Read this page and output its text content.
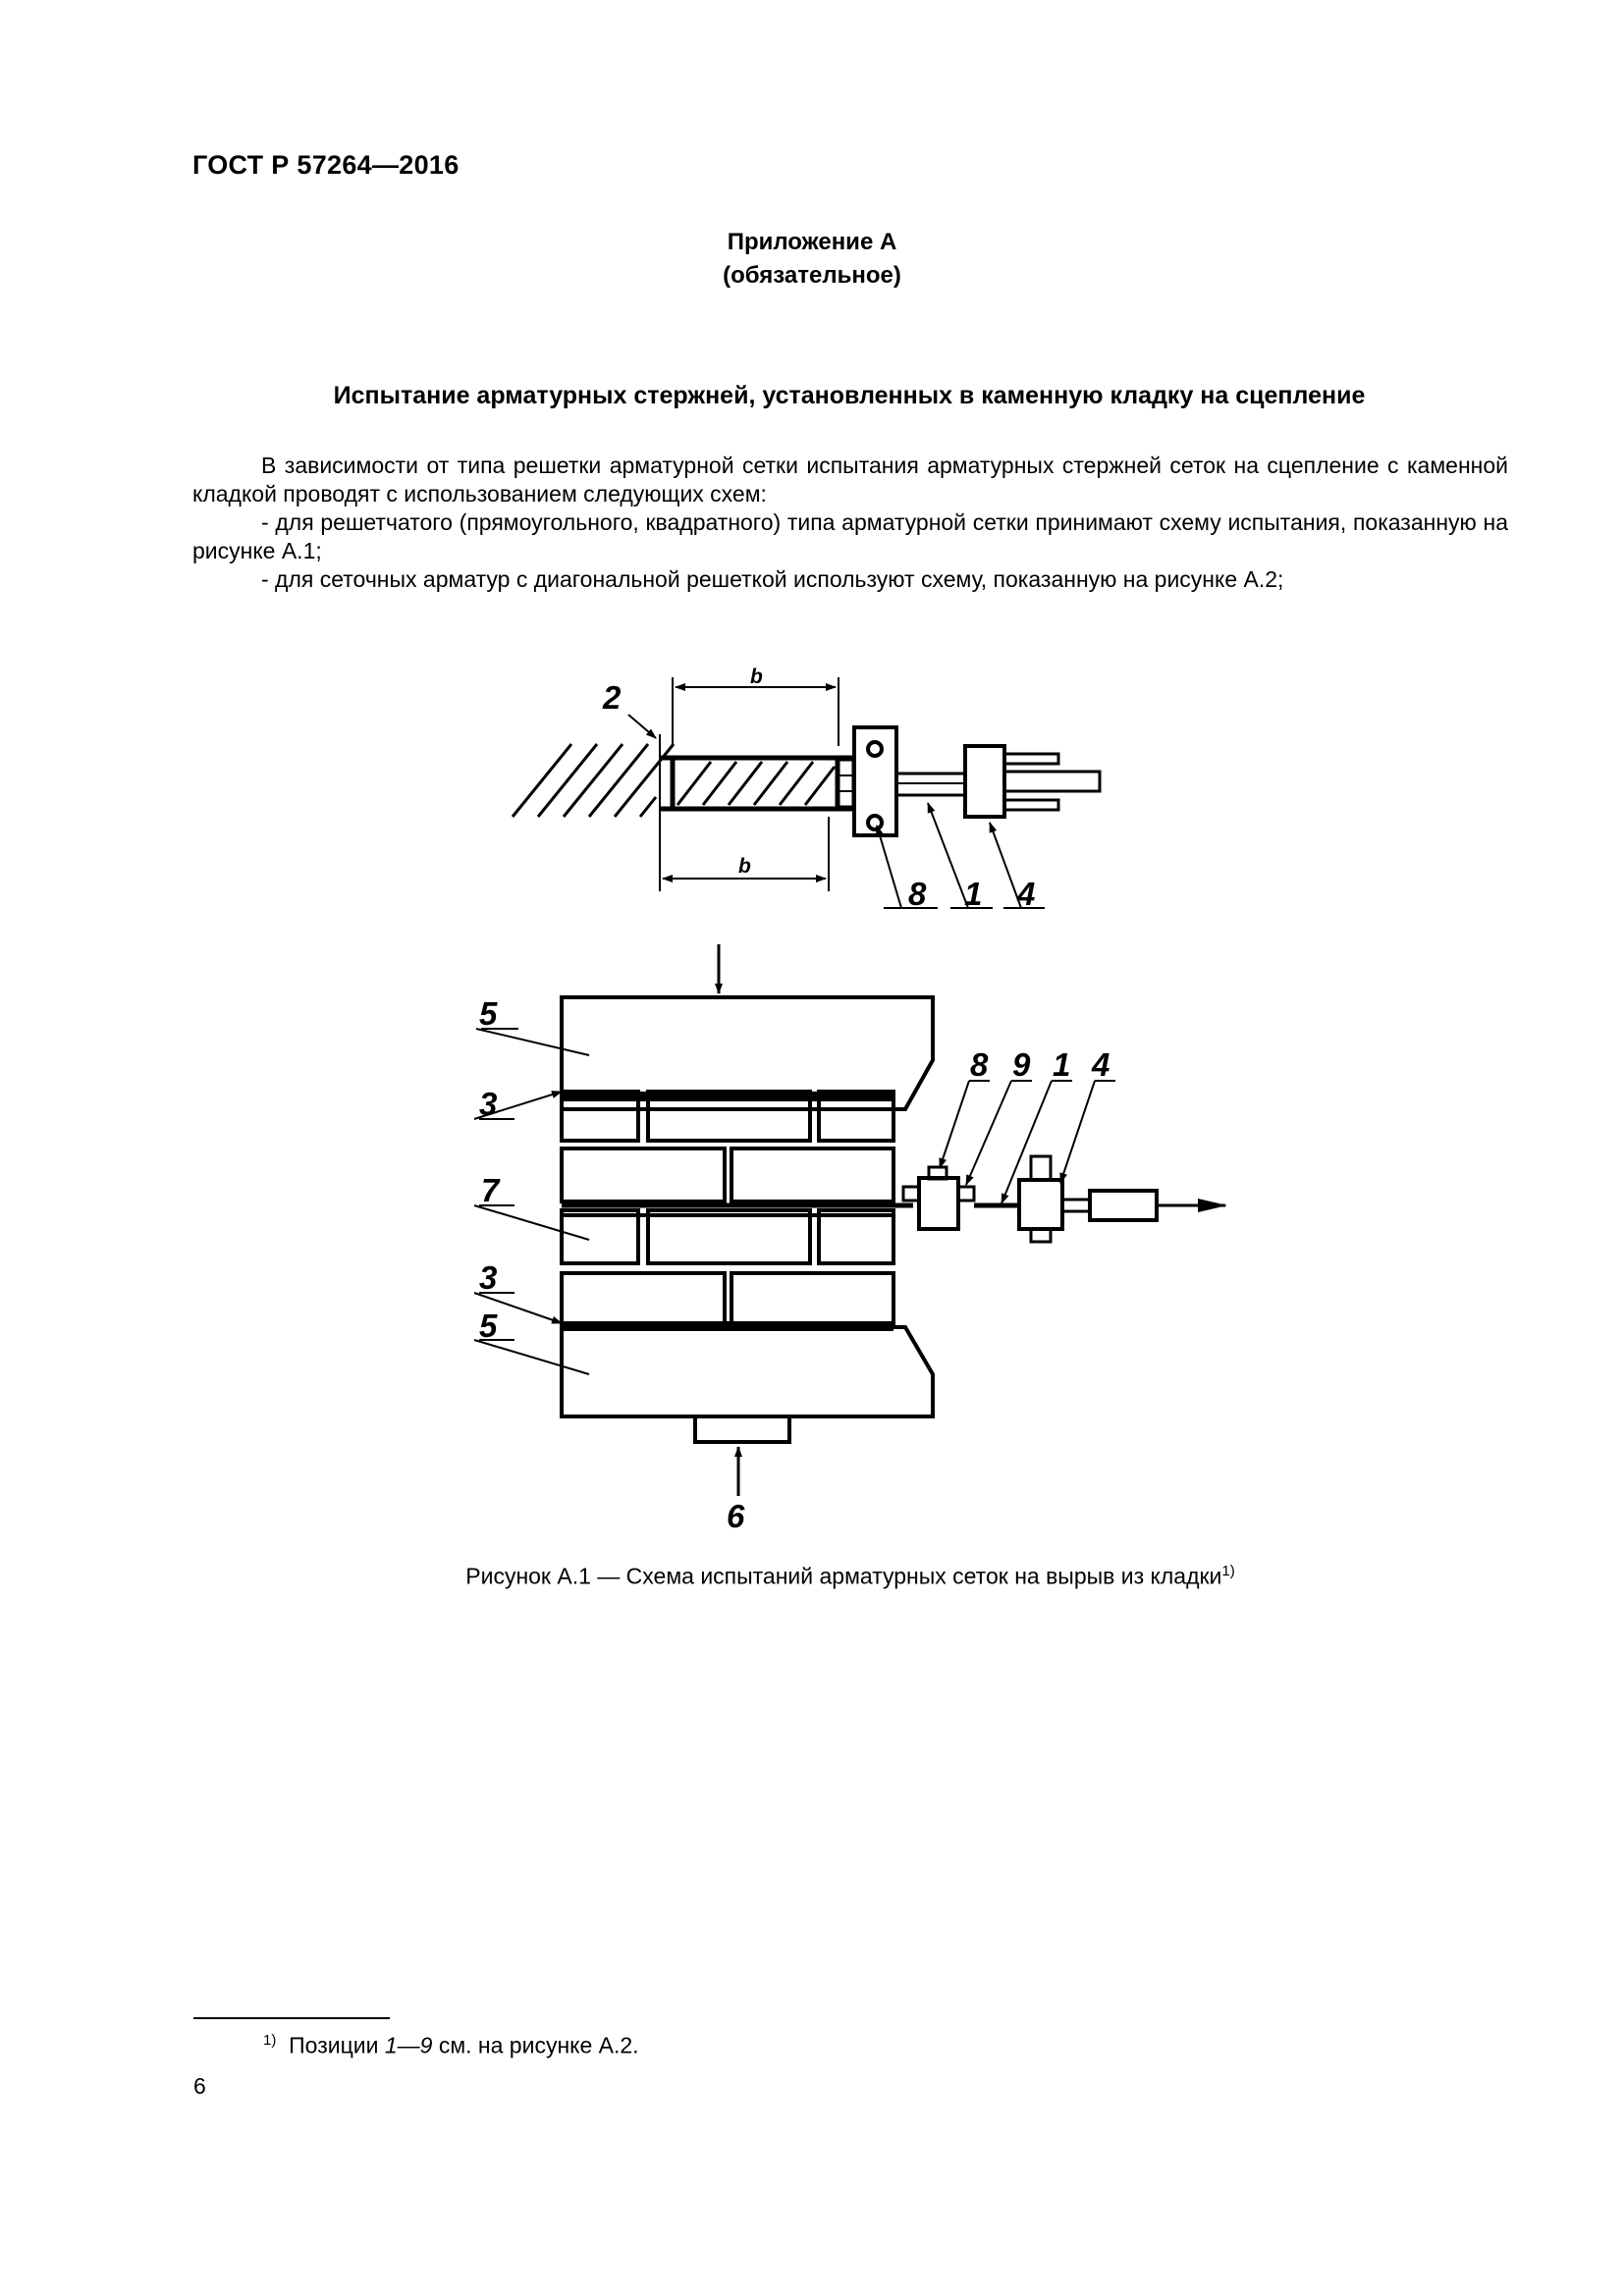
ГОСТ Р 57264—2016
Приложение А
(обязательное)
Испытание арматурных стержней, установленных в каменную кладку на сцепление

В зависимости от типа решетки арматурной сетки испытания арматурных стержней сеток на сцепление с каменной кладкой проводят с использованием следующих схем:

- для решетчатого (прямоугольного, квадратного) типа арматурной сетки принимают схему испытания, показанную на рисунке А.1;

- для сеточных арматур с диагональной решеткой используют схему, показанную на рисунке А.2;

b
b
2
8 1 4
5
3
7
3
5
6
8 9 1 4
Рисунок А.1 — Схема испытаний арматурных сеток на вырыв из кладки$^{1)}$
$^{1)}$ Позиции 1—9 см. на рисунке А.2.
6
